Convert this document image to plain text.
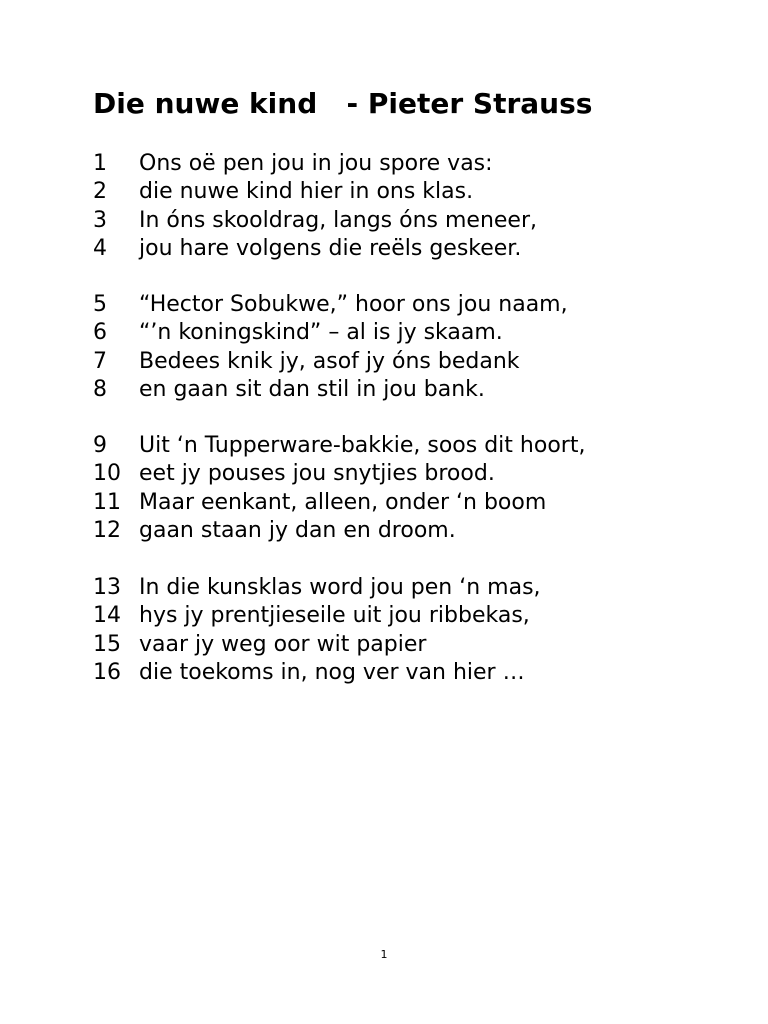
Die nuwe kind   - Pieter Strauss
1	Ons oë pen jou in jou spore vas:
2	die nuwe kind hier in ons klas.
3	In óns skooldrag, langs óns meneer,
4	jou hare volgens die reëls geskeer.
5	“Hector Sobukwe,” hoor ons jou naam,
6	“’n koningskind” – al is jy skaam.
7	Bedees knik jy, asof jy óns bedank
8	en gaan sit dan stil in jou bank.
9	Uit ‘n Tupperware-bakkie, soos dit hoort,
10 eet jy pouses jou snytjies brood.
11 Maar eenkant, alleen, onder ‘n boom
12 gaan staan jy dan en droom.
13 In die kunsklas word jou pen ‘n mas,
14 hys jy prentjieseile uit jou ribbekas,
15 vaar jy weg oor wit papier
16 die toekoms in, nog ver van hier …
1
